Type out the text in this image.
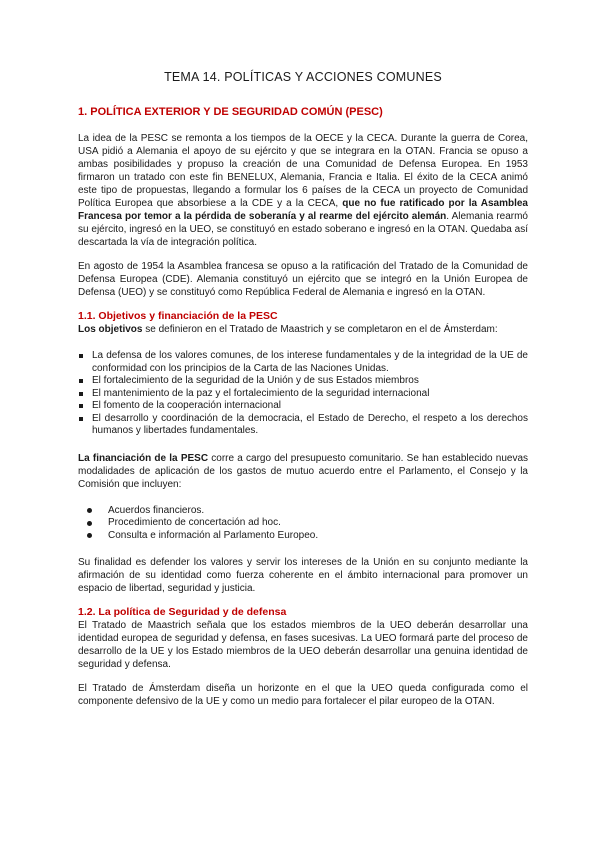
TEMA 14. POLÍTICAS Y ACCIONES COMUNES
1. POLÍTICA EXTERIOR Y DE SEGURIDAD COMÚN (PESC)

La idea de la PESC se remonta a los tiempos de la OECE y la CECA. Durante la guerra de Corea, USA pidió a Alemania el apoyo de su ejército y que se integrara en la OTAN. Francia se opuso a ambas posibilidades y propuso la creación de una Comunidad de Defensa Europea. En 1953 firmaron un tratado con este fin BENELUX, Alemania, Francia e Italia. El éxito de la CECA animó este tipo de propuestas, llegando a formular los 6 países de la CECA un proyecto de Comunidad Política Europea que absorbiese a la CDE y a la CECA, que no fue ratificado por la Asamblea Francesa por temor a la pérdida de soberanía y al rearme del ejército alemán. Alemania rearmó su ejército, ingresó en la UEO, se constituyó en estado soberano e ingresó en la OTAN. Quedaba así descartada la vía de integración política.

En agosto de 1954 la Asamblea francesa se opuso a la ratificación del Tratado de la Comunidad de Defensa Europea (CDE). Alemania constituyó un ejército que se integró en la Unión Europea de Defensa (UEO) y se constituyó como República Federal de Alemania e ingresó en la OTAN.

1.1. Objetivos y financiación de la PESC

Los objetivos se definieron en el Tratado de Maastrich y se completaron en el de Ámsterdam:

La defensa de los valores comunes, de los interese fundamentales y de la integridad de la UE de conformidad con los principios de la Carta de las Naciones Unidas.
El fortalecimiento de la seguridad de la Unión y de sus Estados miembros
El mantenimiento de la paz y el fortalecimiento de la seguridad internacional
El fomento de la cooperación internacional
El desarrollo y coordinación de la democracia, el Estado de Derecho, el respeto a los derechos humanos y libertades fundamentales.

La financiación de la PESC corre a cargo del presupuesto comunitario. Se han establecido nuevas modalidades de aplicación de los gastos de mutuo acuerdo entre el Parlamento, el Consejo y la Comisión que incluyen:

Acuerdos financieros.
Procedimiento de concertación ad hoc.
Consulta e información al Parlamento Europeo.

Su finalidad es defender los valores y servir los intereses de la Unión en su conjunto mediante la afirmación de su identidad como fuerza coherente en el ámbito internacional para promover un espacio de libertad, seguridad y justicia.

1.2. La política de Seguridad y de defensa

El Tratado de Maastrich señala que los estados miembros de la UEO deberán desarrollar una identidad europea de seguridad y defensa, en fases sucesivas. La UEO formará parte del proceso de desarrollo de la UE y los Estado miembros de la UEO deberán desarrollar una genuina identidad de seguridad y defensa.

El Tratado de Ámsterdam diseña un horizonte en el que la UEO queda configurada como el componente defensivo de la UE y como un medio para fortalecer el pilar europeo de la OTAN.
